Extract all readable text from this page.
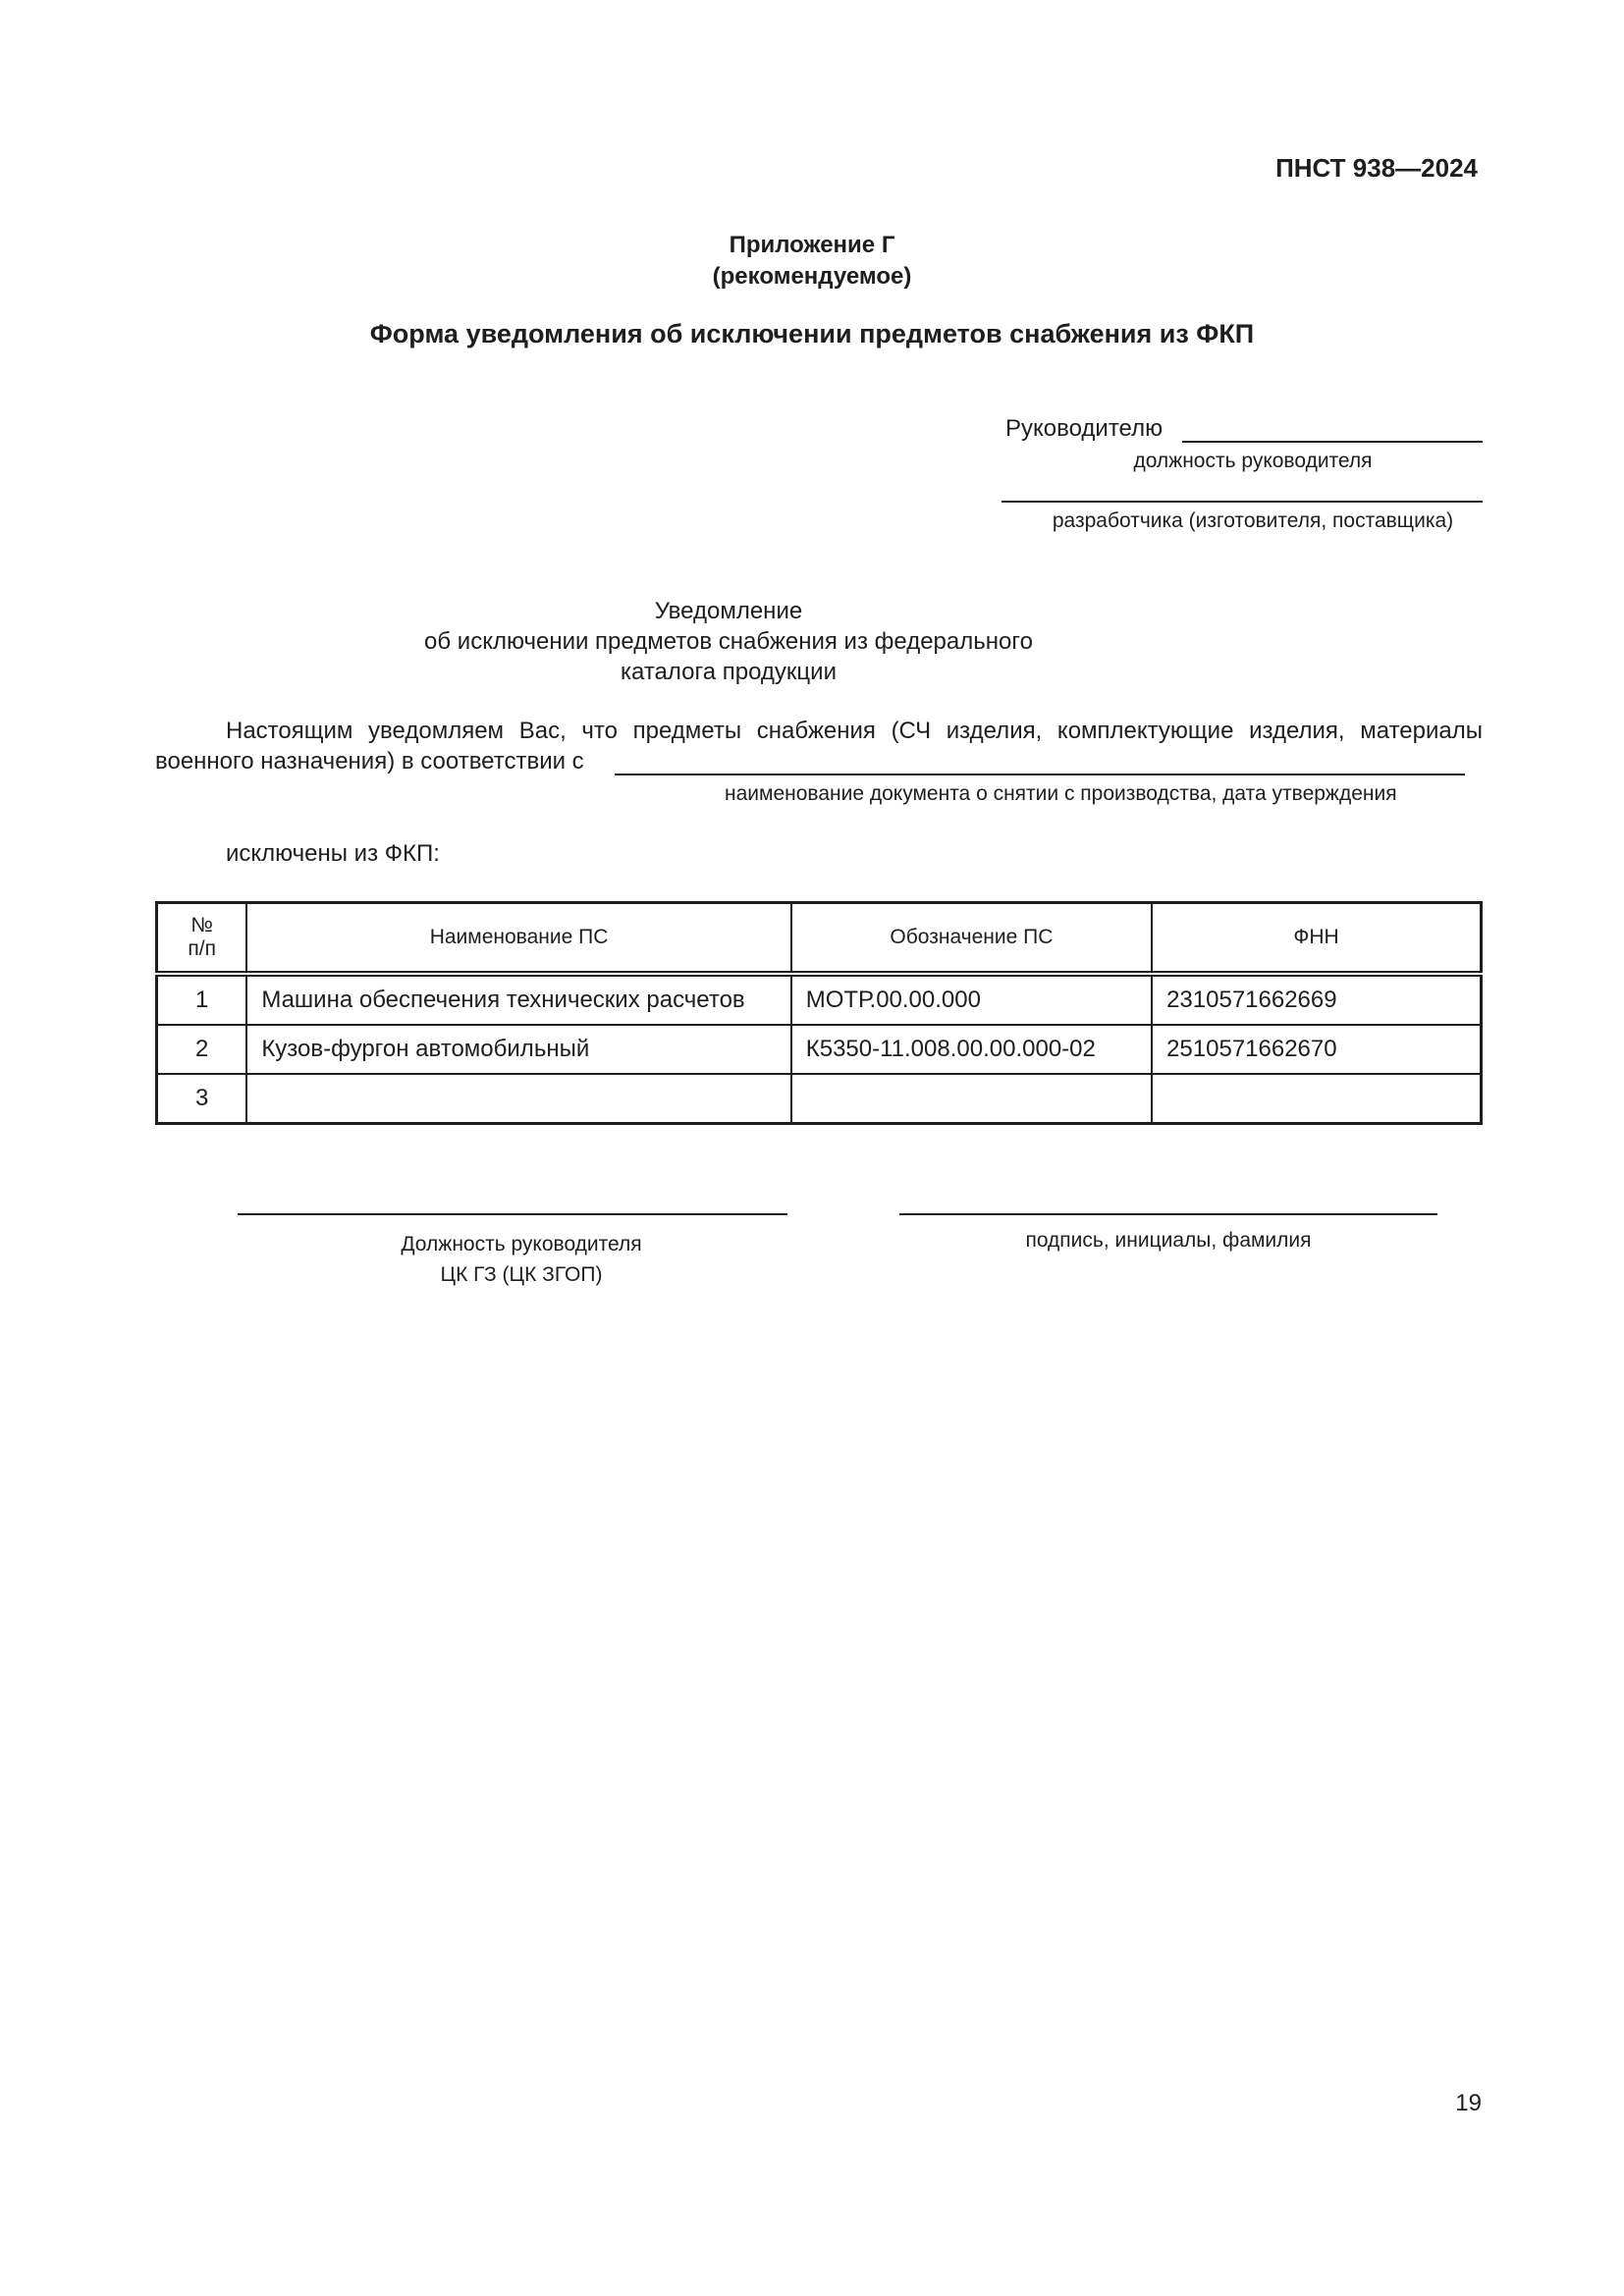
ПНСТ 938—2024
Приложение Г
(рекомендуемое)
Форма уведомления об исключении предметов снабжения из ФКП
Руководителю
должность руководителя
разработчика (изготовителя, поставщика)
Уведомление
об исключении предметов снабжения из федерального
каталога продукции
Настоящим уведомляем Вас, что предметы снабжения (СЧ изделия, комплектующие изделия, материалы
военного назначения) в соответствии с
наименование документа о снятии с производства, дата утверждения
исключены из ФКП:
№
п/п	Наименование ПС	Обозначение ПС	ФНН
1	Машина обеспечения технических расчетов	МОТР.00.00.000	2310571662669
2	Кузов-фургон автомобильный	К5350-11.008.00.00.000-02	2510571662670
3			
Должность руководителя
ЦК ГЗ (ЦК ЗГОП)
подпись, инициалы, фамилия
19
